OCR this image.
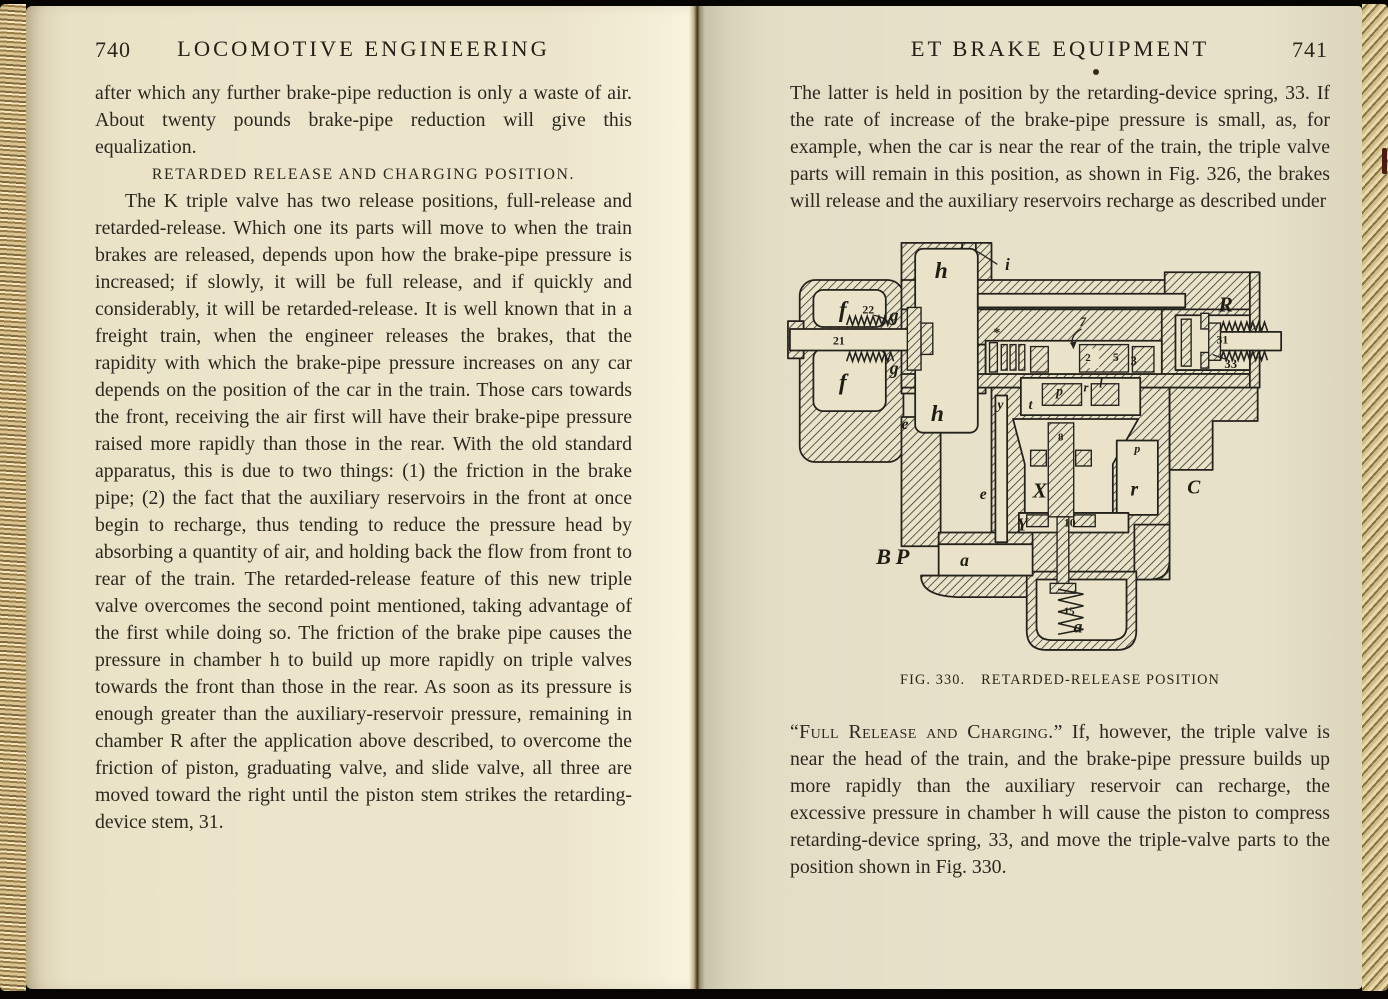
740	LOCOMOTIVE ENGINEERING

after which any further brake-pipe reduction is only a waste of air. About twenty pounds brake-pipe reduction will give this equalization.

RETARDED RELEASE AND CHARGING POSITION.

The K triple valve has two release positions, full-release and retarded-release. Which one its parts will move to when the train brakes are released, depends upon how the brake-pipe pressure is increased; if slowly, it will be full release, and if quickly and considerably, it will be retarded-release. It is well known that in a freight train, when the engineer releases the brakes, that the rapidity with which the brake-pipe pressure increases on any car depends on the position of the car in the train. Those cars towards the front, receiving the air first will have their brake-pipe pressure raised more rapidly than those in the rear. With the old standard apparatus, this is due to two things: (1) the friction in the brake pipe; (2) the fact that the auxiliary reservoirs in the front at once begin to recharge, thus tending to reduce the pressure head by absorbing a quantity of air, and holding back the flow from front to rear of the train. The retarded-release feature of this new triple valve overcomes the second point mentioned, taking advantage of the first while doing so. The friction of the brake pipe causes the pressure in chamber h to build up more rapidly on triple valves towards the front than those in the rear. As soon as its pressure is enough greater than the auxiliary-reservoir pressure, remaining in chamber R after the application above described, to overcome the friction of piston, graduating valve, and slide valve, all three are moved toward the right until the piston stem strikes the retarding-device stem, 31.

ET BRAKE EQUIPMENT	741

The latter is held in position by the retarding-device spring, 33. If the rate of increase of the brake-pipe pressure is small, as, for example, when the car is near the rear of the train, the triple valve parts will remain in this position, as shown in Fig. 326, the brakes will release and the auxiliary reservoirs recharge as described under

i
h
f g
22
21
g
f
h
e
*
7
2 5 3
p r l
y t
R
31
33
8
p
e X	r C
Y	10
15
B P	a
a
FIG. 330. RETARDED-RELEASE POSITION

“Full Release and Charging.” If, however, the triple valve is near the head of the train, and the brake-pipe pressure builds up more rapidly than the auxiliary reservoir can recharge, the excessive pressure in chamber h will cause the piston to compress retarding-device spring, 33, and move the triple-valve parts to the position shown in Fig. 330.
